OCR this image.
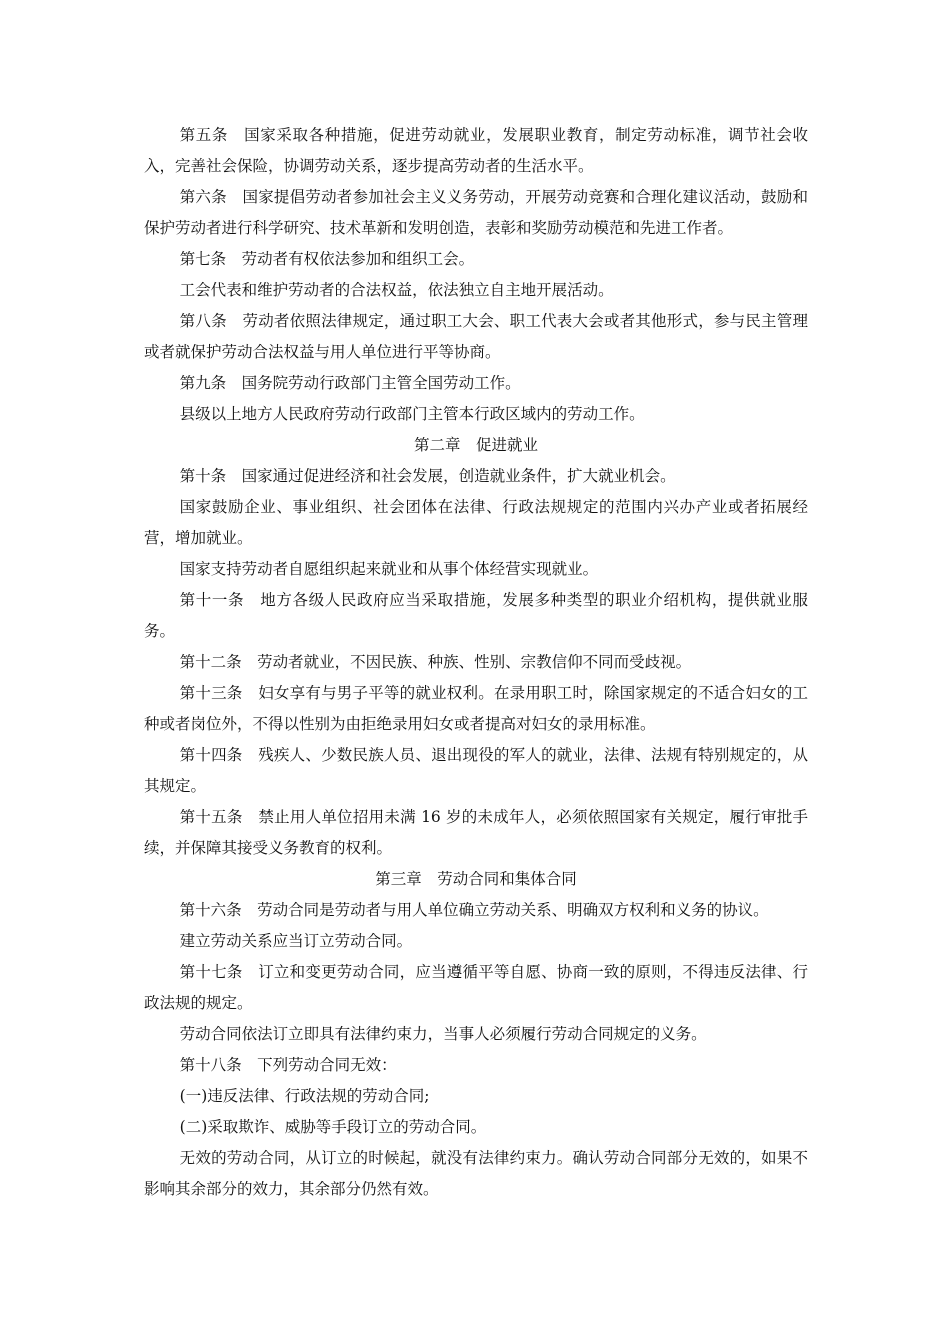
第五条　国家采取各种措施，促进劳动就业，发展职业教育，制定劳动标准，调节社会收入，完善社会保险，协调劳动关系，逐步提高劳动者的生活水平。

第六条　国家提倡劳动者参加社会主义义务劳动，开展劳动竞赛和合理化建议活动，鼓励和保护劳动者进行科学研究、技术革新和发明创造，表彰和奖励劳动模范和先进工作者。

第七条　劳动者有权依法参加和组织工会。

工会代表和维护劳动者的合法权益，依法独立自主地开展活动。

第八条　劳动者依照法律规定，通过职工大会、职工代表大会或者其他形式，参与民主管理或者就保护劳动合法权益与用人单位进行平等协商。

第九条　国务院劳动行政部门主管全国劳动工作。

县级以上地方人民政府劳动行政部门主管本行政区域内的劳动工作。

第二章　促进就业

第十条　国家通过促进经济和社会发展，创造就业条件，扩大就业机会。

国家鼓励企业、事业组织、社会团体在法律、行政法规规定的范围内兴办产业或者拓展经营，增加就业。

国家支持劳动者自愿组织起来就业和从事个体经营实现就业。

第十一条　地方各级人民政府应当采取措施，发展多种类型的职业介绍机构，提供就业服务。

第十二条　劳动者就业，不因民族、种族、性别、宗教信仰不同而受歧视。

第十三条　妇女享有与男子平等的就业权利。在录用职工时，除国家规定的不适合妇女的工种或者岗位外，不得以性别为由拒绝录用妇女或者提高对妇女的录用标准。

第十四条　残疾人、少数民族人员、退出现役的军人的就业，法律、法规有特别规定的，从其规定。

第十五条　禁止用人单位招用未满 16 岁的未成年人，必须依照国家有关规定，履行审批手续，并保障其接受义务教育的权利。

第三章　劳动合同和集体合同

第十六条　劳动合同是劳动者与用人单位确立劳动关系、明确双方权利和义务的协议。

建立劳动关系应当订立劳动合同。

第十七条　订立和变更劳动合同，应当遵循平等自愿、协商一致的原则，不得违反法律、行政法规的规定。

劳动合同依法订立即具有法律约束力，当事人必须履行劳动合同规定的义务。

第十八条　下列劳动合同无效：

(一)违反法律、行政法规的劳动合同;

(二)采取欺诈、威胁等手段订立的劳动合同。

无效的劳动合同，从订立的时候起，就没有法律约束力。确认劳动合同部分无效的，如果不影响其余部分的效力，其余部分仍然有效。
